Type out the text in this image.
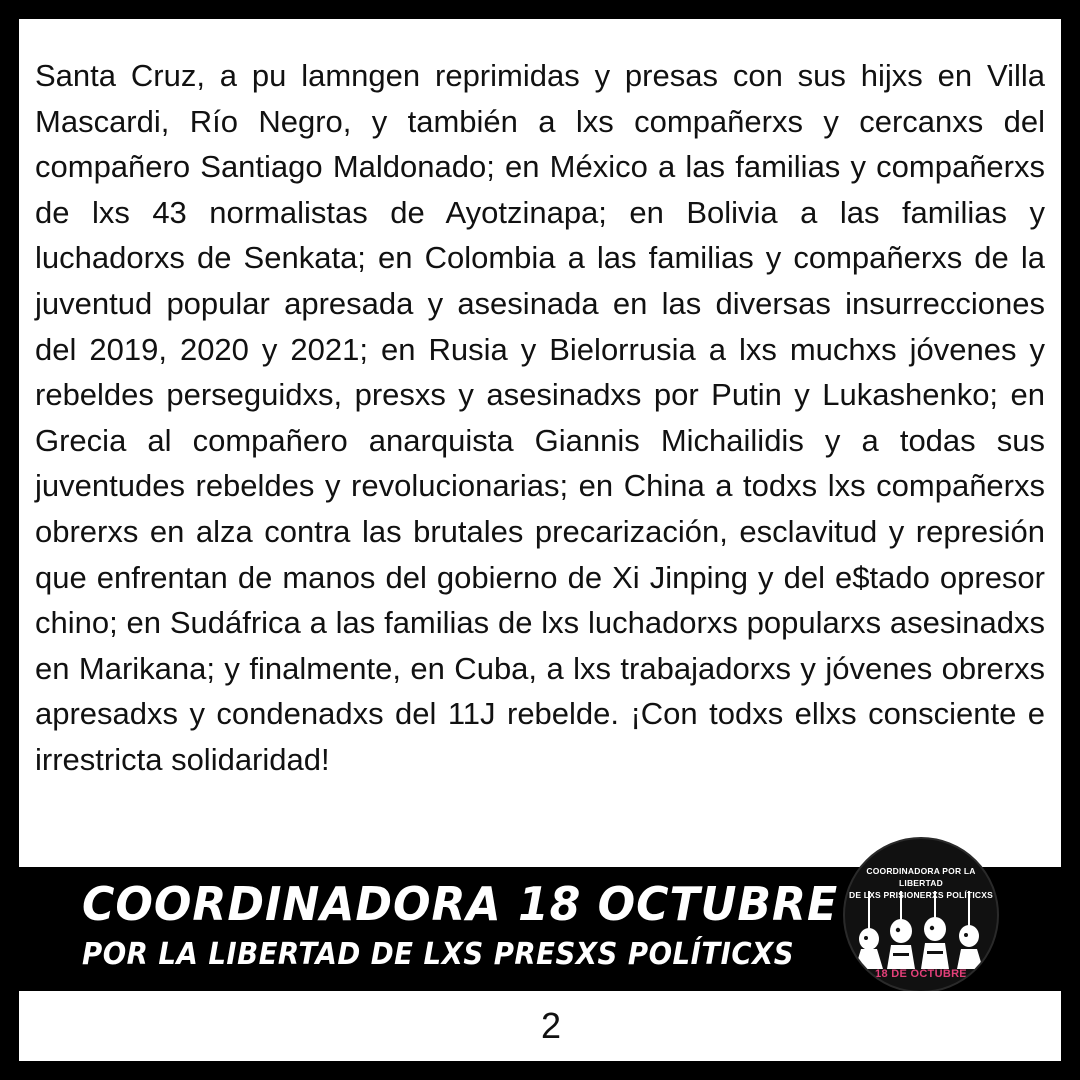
Santa Cruz, a pu lamngen reprimidas y presas con sus hijxs en Villa Mascardi, Río Negro, y también a lxs compañerxs y cercanxs del compañero Santiago Maldonado; en México a las familias y compañerxs de lxs 43 normalistas de Ayotzinapa; en Bolivia a las familias y luchadorxs de Senkata; en Colombia a las familias y compañerxs de la juventud popular apresada y asesinada en las diversas insurrecciones del 2019, 2020 y 2021; en Rusia y Bielorrusia a lxs muchxs jóvenes y rebeldes perseguidxs, presxs y asesinadxs por Putin y Lukashenko; en Grecia al compañero anarquista Giannis Michailidis y a todas sus juventudes rebeldes y revolucionarias; en China a todxs lxs compañerxs obrerxs en alza contra las brutales precarización, esclavitud y represión que enfrentan de manos del gobierno de Xi Jinping y del e$tado opresor chino; en Sudáfrica a las familias de lxs luchadorxs popularxs asesinadxs en Marikana; y finalmente, en Cuba, a lxs trabajadorxs y jóvenes obrerxs apresadxs y condenadxs del 11J rebelde. ¡Con todxs ellxs consciente e irrestricta solidaridad!

COORDINADORA 18 OCTUBRE
POR LA LIBERTAD DE LXS PRESXS POLÍTICXS
COORDINADORA POR LA LIBERTAD
DE LXS PRISIONERXS POLÍTICXS
18 DE OCTUBRE

2
